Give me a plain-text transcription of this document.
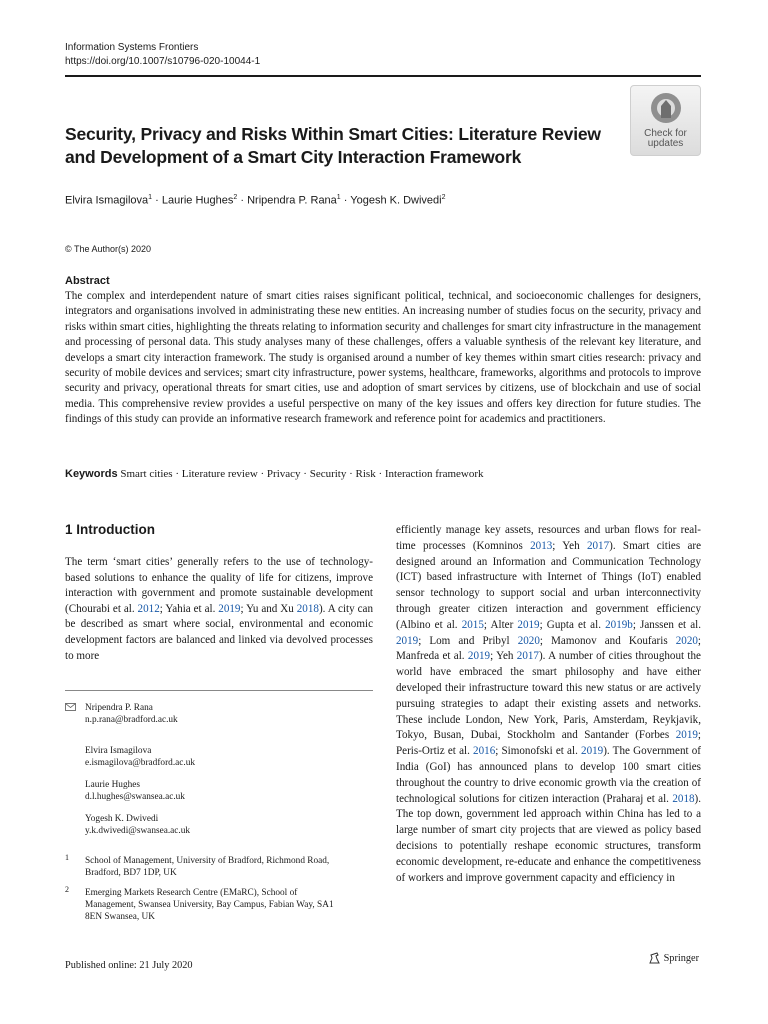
Information Systems Frontiers
https://doi.org/10.1007/s10796-020-10044-1
Security, Privacy and Risks Within Smart Cities: Literature Review
and Development of a Smart City Interaction Framework
Check for
updates
Elvira Ismagilova$^1$ · Laurie Hughes$^2$ · Nripendra P. Rana$^1$ · Yogesh K. Dwivedi$^2$
© The Author(s) 2020
Abstract
The complex and interdependent nature of smart cities raises significant political, technical, and socioeconomic challenges for designers, integrators and organisations involved in administrating these new entities. An increasing number of studies focus on the security, privacy and risks within smart cities, highlighting the threats relating to information security and challenges for smart city infrastructure in the management and processing of personal data. This study analyses many of these challenges, offers a valuable synthesis of the relevant key literature, and develops a smart city interaction framework. The study is organised around a number of key themes within smart cities research: privacy and security of mobile devices and services; smart city infrastructure, power systems, healthcare, frameworks, algorithms and protocols to improve security and privacy, operational threats for smart cities, use and adoption of smart services by citizens, use of blockchain and use of social media. This comprehensive review provides a useful perspective on many of the key issues and offers key direction for future studies. The findings of this study can provide an informative research framework and reference point for academics and practitioners.
Keywords Smart cities · Literature review · Privacy · Security · Risk · Interaction framework
1 Introduction
The term ‘smart cities’ generally refers to the use of technology-based solutions to enhance the quality of life for citizens, improve interaction with government and promote sustainable development (Chourabi et al. 2012; Yahia et al. 2019; Yu and Xu 2018). A city can be described as smart where social, environmental and economic development factors are balanced and linked via devolved processes to more
efficiently manage key assets, resources and urban flows for real-time processes (Komninos 2013; Yeh 2017). Smart cities are designed around an Information and Communication Technology (ICT) based infrastructure with Internet of Things (IoT) enabled sensor technology to support social and urban interconnectivity through greater citizen interaction and government efficiency (Albino et al. 2015; Alter 2019; Gupta et al. 2019b; Janssen et al. 2019; Lom and Pribyl 2020; Mamonov and Koufaris 2020; Manfreda et al. 2019; Yeh 2017). A number of cities throughout the world have embraced the smart philosophy and have either developed their infrastructure toward this new status or are actively pursuing strategies to adapt their existing assets and networks. These include London, New York, Paris, Amsterdam, Reykjavik, Tokyo, Busan, Dubai, Stockholm and Santander (Forbes 2019; Peris-Ortiz et al. 2016; Simonofski et al. 2019). The Government of India (GoI) has announced plans to develop 100 smart cities throughout the country to drive economic growth via the creation of technological solutions for citizen interaction (Praharaj et al. 2018). The top down, government led approach within China has led to a large number of smart city projects that are viewed as policy based decisions to potentially reshape economic structures, transform economic development, re-educate and enhance the competitiveness of workers and improve government capacity and efficiency in
Nripendra P. Rana
n.p.rana@bradford.ac.uk
Elvira Ismagilova
e.ismagilova@bradford.ac.uk
Laurie Hughes
d.l.hughes@swansea.ac.uk
Yogesh K. Dwivedi
y.k.dwivedi@swansea.ac.uk
1 School of Management, University of Bradford, Richmond Road,
Bradford, BD7 1DP, UK
2 Emerging Markets Research Centre (EMaRC), School of
Management, Swansea University, Bay Campus, Fabian Way, SA1
8EN Swansea, UK
Published online: 21 July 2020
Springer
